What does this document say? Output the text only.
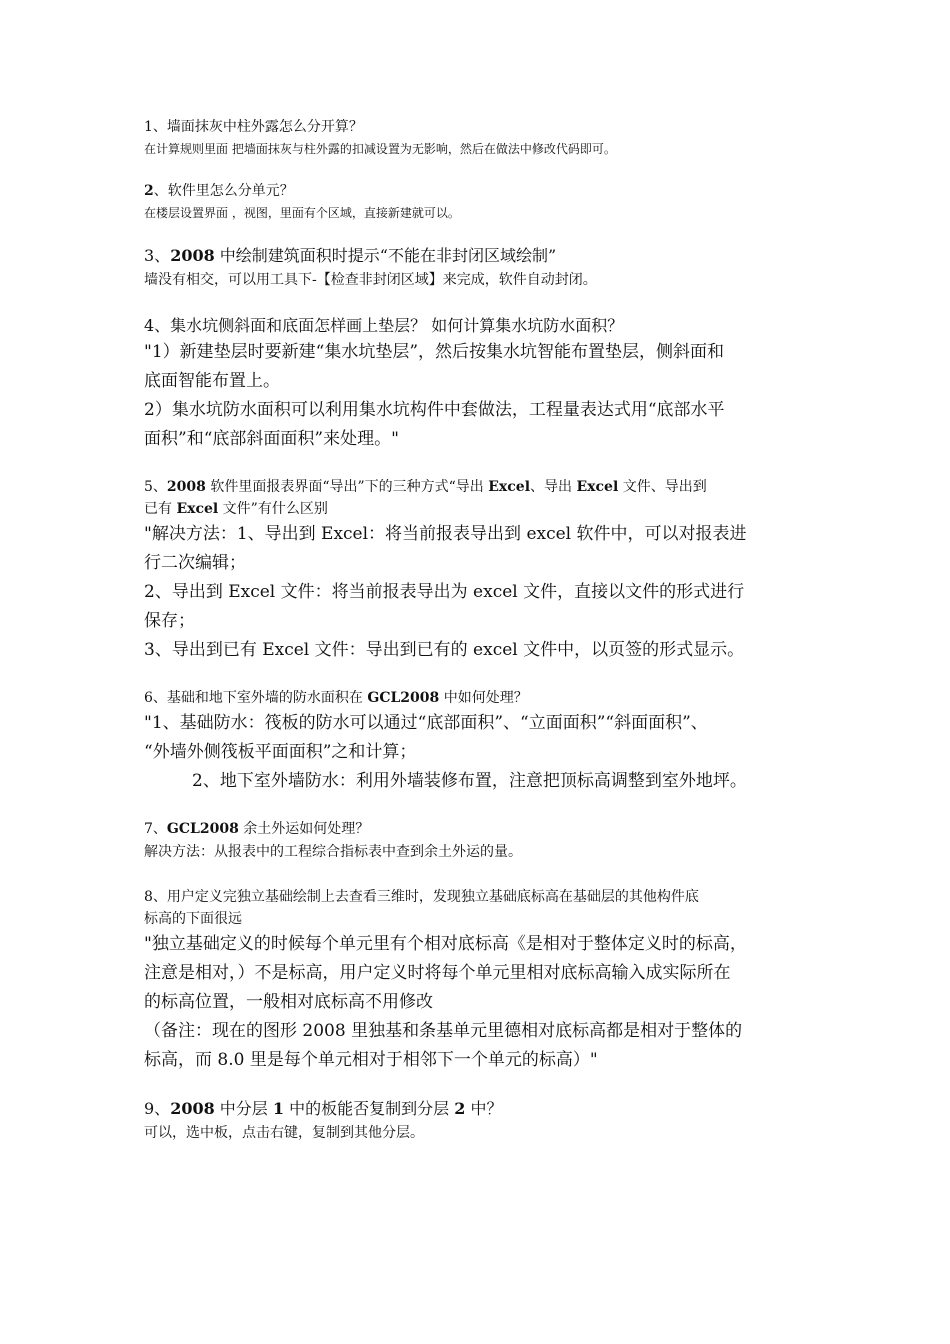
1、墙面抹灰中柱外露怎么分开算？

在计算规则里面 把墙面抹灰与柱外露的扣减设置为无影响，然后在做法中修改代码即可。

2、软件里怎么分单元？

在楼层设置界面 ，视图，里面有个区域，直接新建就可以。

3、2008 中绘制建筑面积时提示“不能在非封闭区域绘制”

墙没有相交，可以用工具下-【检查非封闭区域】来完成，软件自动封闭。

4、集水坑侧斜面和底面怎样画上垫层？ 如何计算集水坑防水面积？

"1）新建垫层时要新建“集水坑垫层”，然后按集水坑智能布置垫层，侧斜面和

底面智能布置上。

2）集水坑防水面积可以利用集水坑构件中套做法，工程量表达式用“底部水平

面积”和“底部斜面面积”来处理。"

5、2008 软件里面报表界面“导出”下的三种方式“导出 Excel、导出 Excel 文件、导出到

已有 Excel 文件”有什么区别

"解决方法：1、导出到 Excel：将当前报表导出到 excel 软件中，可以对报表进

行二次编辑；

2、导出到 Excel 文件：将当前报表导出为 excel 文件，直接以文件的形式进行

保存；

3、导出到已有 Excel 文件：导出到已有的 excel 文件中，以页签的形式显示。

6、基础和地下室外墙的防水面积在 GCL2008 中如何处理？

"1、基础防水：筏板的防水可以通过“底部面积”、“立面面积”“斜面面积”、

“外墙外侧筏板平面面积”之和计算；

2、地下室外墙防水：利用外墙装修布置，注意把顶标高调整到室外地坪。

7、GCL2008 余土外运如何处理？

解决方法：从报表中的工程综合指标表中查到余土外运的量。

8、用户定义完独立基础绘制上去查看三维时，发现独立基础底标高在基础层的其他构件底

标高的下面很远

"独立基础定义的时候每个单元里有个相对底标高《是相对于整体定义时的标高，

注意是相对，）不是标高，用户定义时将每个单元里相对底标高输入成实际所在

的标高位置，一般相对底标高不用修改

（备注：现在的图形 2008 里独基和条基单元里德相对底标高都是相对于整体的

标高，而 8.0 里是每个单元相对于相邻下一个单元的标高）"

9、2008 中分层 1 中的板能否复制到分层 2 中？

可以，选中板，点击右键，复制到其他分层。
